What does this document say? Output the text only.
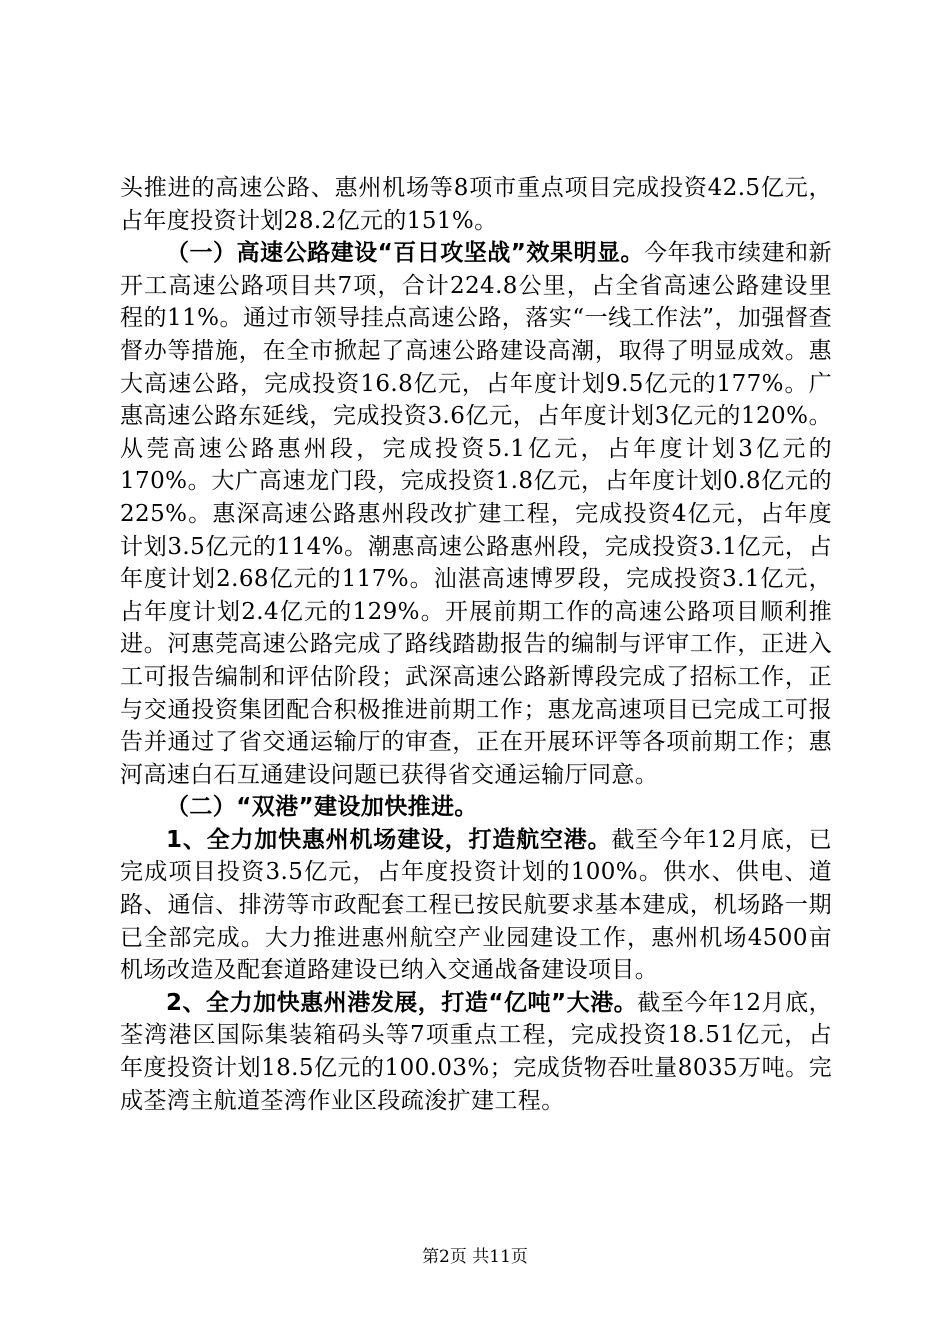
头推进的高速公路、惠州机场等8项市重点项目完成投资42.5亿元，占年度投资计划28.2亿元的151%。

（一）高速公路建设“百日攻坚战”效果明显。今年我市续建和新开工高速公路项目共7项，合计224.8公里，占全省高速公路建设里程的11%。通过市领导挂点高速公路，落实“一线工作法”，加强督查督办等措施，在全市掀起了高速公路建设高潮，取得了明显成效。惠大高速公路，完成投资16.8亿元，占年度计划9.5亿元的177%。广惠高速公路东延线，完成投资3.6亿元，占年度计划3亿元的120%。从莞高速公路惠州段，完成投资5.1亿元，占年度计划3亿元的170%。大广高速龙门段，完成投资1.8亿元，占年度计划0.8亿元的225%。惠深高速公路惠州段改扩建工程，完成投资4亿元，占年度计划3.5亿元的114%。潮惠高速公路惠州段，完成投资3.1亿元，占年度计划2.68亿元的117%。汕湛高速博罗段，完成投资3.1亿元，占年度计划2.4亿元的129%。开展前期工作的高速公路项目顺利推进。河惠莞高速公路完成了路线踏勘报告的编制与评审工作，正进入工可报告编制和评估阶段；武深高速公路新博段完成了招标工作，正与交通投资集团配合积极推进前期工作；惠龙高速项目已完成工可报告并通过了省交通运输厅的审查，正在开展环评等各项前期工作；惠河高速白石互通建设问题已获得省交通运输厅同意。

（二）“双港”建设加快推进。

1、全力加快惠州机场建设，打造航空港。截至今年12月底，已完成项目投资3.5亿元，占年度投资计划的100%。供水、供电、道路、通信、排涝等市政配套工程已按民航要求基本建成，机场路一期已全部完成。大力推进惠州航空产业园建设工作，惠州机场4500亩机场改造及配套道路建设已纳入交通战备建设项目。

2、全力加快惠州港发展，打造“亿吨”大港。截至今年12月底，荃湾港区国际集装箱码头等7项重点工程，完成投资18.51亿元，占年度投资计划18.5亿元的100.03%；完成货物吞吐量8035万吨。完成荃湾主航道荃湾作业区段疏浚扩建工程。

第2页 共11页
